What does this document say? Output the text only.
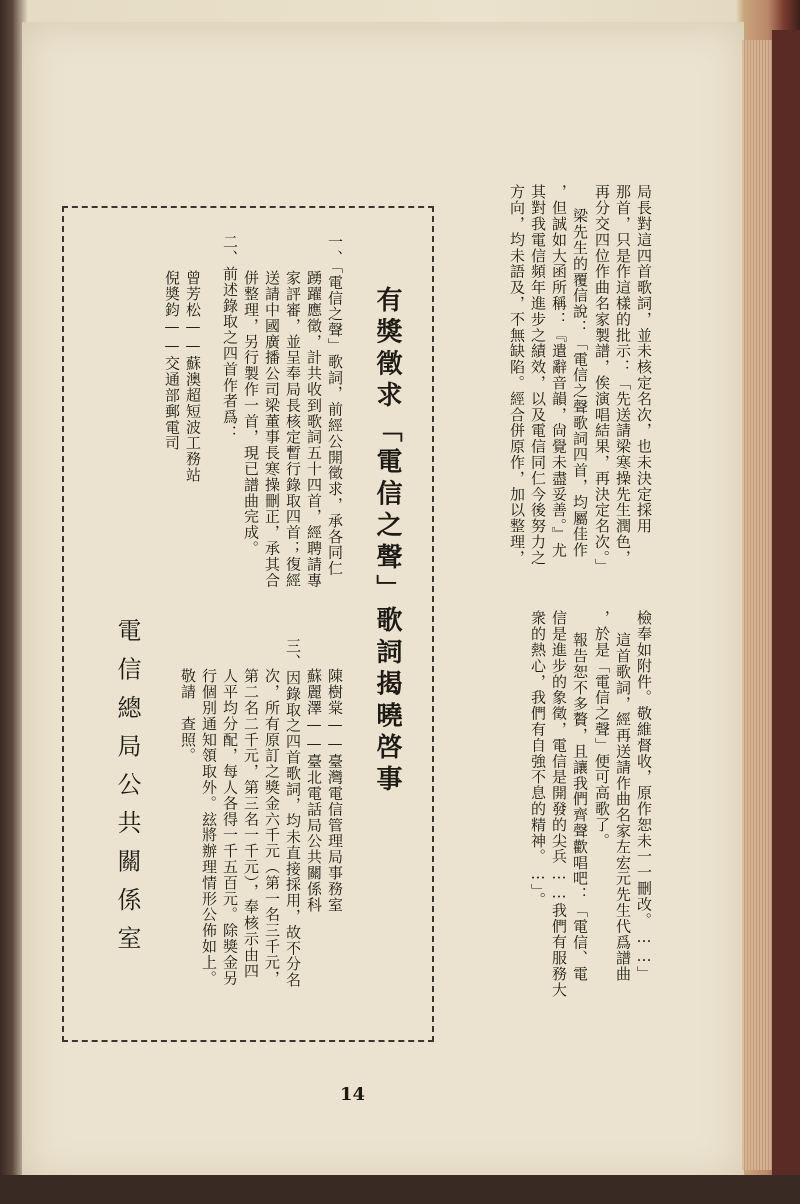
局長對這四首歌詞，並未核定名次，也未決定採用
那首，只是作這樣的批示：「先送請梁寒操先生潤色，
再分交四位作曲名家製譜，俟演唱結果，再決定名次。」
梁先生的覆信說：「電信之聲歌詞四首，均屬佳作
，但誠如大函所稱：『遣辭音韻，尙覺未盡妥善。』尤
其對我電信頻年進步之績效，以及電信同仁今後努力之
方向，均未語及，不無缺陷。經合併原作，加以整理，
檢奉如附件。敬維督收，原作恕未一一刪改。……」
這首歌詞，經再送請作曲名家左宏元先生代爲譜曲
，於是「電信之聲」便可高歌了。
報告恕不多贅，且讓我們齊聲歡唱吧：「電信、電
信是進步的象徵，電信是開發的尖兵……我們有服務大
衆的熱心，我們有自強不息的精神。…」。
有獎徵求
「電信之聲」歌詞揭曉啓事
一、「電信之聲」歌詞，前經公開徵求，承各同仁
踴躍應徵，計共收到歌詞五十四首，經聘請專
家評審，並呈奉局長核定暫行錄取四首；復經
送請中國廣播公司梁董事長寒操刪正，承其合
併整理，另行製作一首，現已譜曲完成。
二、前述錄取之四首作者爲：
曾芳松——蘇澳超短波工務站
倪奬鈞——交通部郵電司
陳樹棠——臺灣電信管理局事務室
蘇麗澤——臺北電話局公共關係科
三、因錄取之四首歌詞，均未直接採用，故不分名
次，所有原訂之獎金六千元（第一名三千元，
第二名二千元，第三名一千元），奉核示由四
人平均分配，每人各得一千五百元。除獎金另
行個別通知領取外。玆將辦理情形公佈如上。
敬請　查照。
電信總局公共關係室
14
